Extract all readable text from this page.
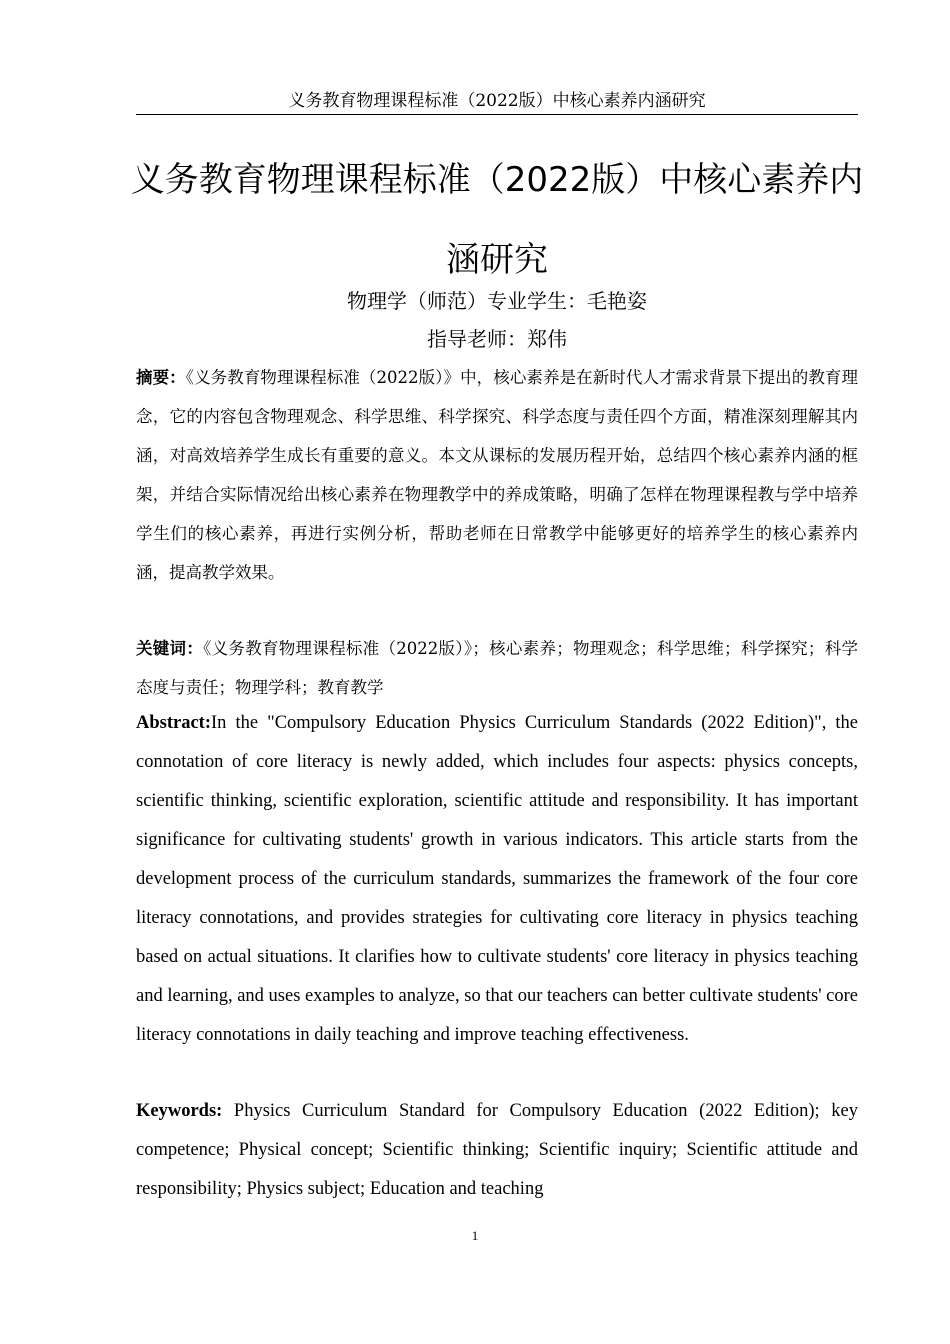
义务教育物理课程标准（2022版）中核心素养内涵研究
义务教育物理课程标准（2022版）中核心素养内涵研究
物理学（师范）专业学生：毛艳姿
指导老师：郑伟

摘要：《义务教育物理课程标准（2022版）》中，核心素养是在新时代人才需求背景下提出的教育理念，它的内容包含物理观念、科学思维、科学探究、科学态度与责任四个方面，精准深刻理解其内涵，对高效培养学生成长有重要的意义。本文从课标的发展历程开始，总结四个核心素养内涵的框架，并结合实际情况给出核心素养在物理教学中的养成策略，明确了怎样在物理课程教与学中培养学生们的核心素养，再进行实例分析，帮助老师在日常教学中能够更好的培养学生的核心素养内涵，提高教学效果。

关键词：《义务教育物理课程标准（2022版）》；核心素养；物理观念；科学思维；科学探究；科学态度与责任；物理学科；教育教学

Abstract:In the "Compulsory Education Physics Curriculum Standards (2022 Edition)", the connotation of core literacy is newly added, which includes four aspects: physics concepts, scientific thinking, scientific exploration, scientific attitude and responsibility. It has important significance for cultivating students' growth in various indicators. This article starts from the development process of the curriculum standards, summarizes the framework of the four core literacy connotations, and provides strategies for cultivating core literacy in physics teaching based on actual situations. It clarifies how to cultivate students' core literacy in physics teaching and learning, and uses examples to analyze, so that our teachers can better cultivate students' core literacy connotations in daily teaching and improve teaching effectiveness.

Keywords: Physics Curriculum Standard for Compulsory Education (2022 Edition); key competence; Physical concept; Scientific thinking; Scientific inquiry; Scientific attitude and responsibility; Physics subject; Education and teaching

1
